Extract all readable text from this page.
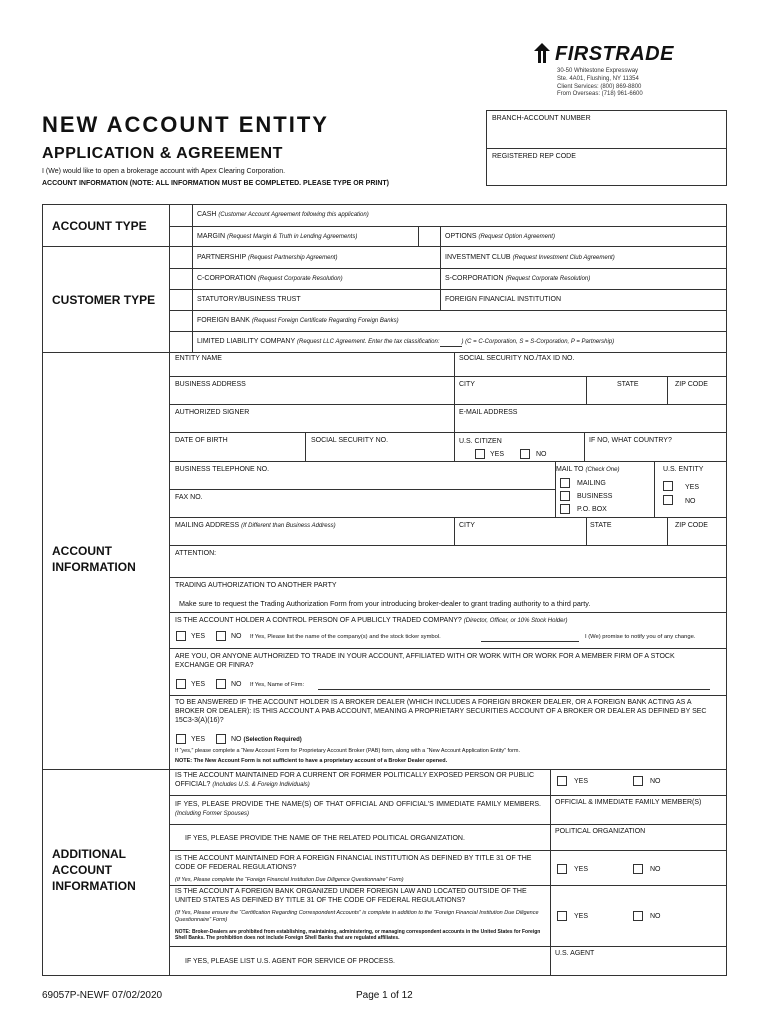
FIRSTRADE
30-50 Whitestone Expressway
Ste. 4A01, Flushing, NY 11354
Client Services: (800) 869-8800
From Overseas: (718) 961-6600
NEW ACCOUNT ENTITY
APPLICATION & AGREEMENT
I (We) would like to open a brokerage account with Apex Clearing Corporation.
ACCOUNT INFORMATION (NOTE: ALL INFORMATION MUST BE COMPLETED. PLEASE TYPE OR PRINT)
BRANCH-ACCOUNT NUMBER
REGISTERED REP CODE
ACCOUNT TYPE
CASH (Customer Account Agreement following this application)
MARGIN (Request Margin & Truth in Lending Agreements)	OPTIONS (Request Option Agreement)
CUSTOMER TYPE
PARTNERSHIP (Request Partnership Agreement)	INVESTMENT CLUB (Request Investment Club Agreement)
C-CORPORATION (Request Corporate Resolution)	S-CORPORATION (Request Corporate Resolution)
STATUTORY/BUSINESS TRUST	FOREIGN FINANCIAL INSTITUTION
FOREIGN BANK (Request Foreign Certificate Regarding Foreign Banks)
LIMITED LIABILITY COMPANY (Request LLC Agreement. Enter the tax classification:	) (C = C-Corporation, S = S-Corporation, P = Partnership)
ACCOUNT INFORMATION
ENTITY NAME	SOCIAL SECURITY NO./TAX ID NO.
BUSINESS ADDRESS	CITY	STATE	ZIP CODE
AUTHORIZED SIGNER	E-MAIL ADDRESS
DATE OF BIRTH	SOCIAL SECURITY NO.	U.S. CITIZEN
YES	NO
IF NO, WHAT COUNTRY?
BUSINESS TELEPHONE NO.
FAX NO.
MAIL TO (Check One)
MAILING
BUSINESS
P.O. BOX
U.S. ENTITY
YES
NO
MAILING ADDRESS (If Different than Business Address)	CITY	STATE	ZIP CODE
ATTENTION:
TRADING AUTHORIZATION TO ANOTHER PARTY
Make sure to request the Trading Authorization Form from your introducing broker-dealer to grant trading authority to a third party.
IS THE ACCOUNT HOLDER A CONTROL PERSON OF A PUBLICLY TRADED COMPANY? (Director, Officer, or 10% Stock Holder)
YES	NO If Yes, Please list the name of the company(s) and the stock ticker symbol.	I (We) promise to notify you of any change.
ARE YOU, OR ANYONE AUTHORIZED TO TRADE IN YOUR ACCOUNT, AFFILIATED WITH OR WORK WITH OR WORK FOR A MEMBER FIRM OF A STOCK EXCHANGE OR FINRA?
YES	NO If Yes, Name of Firm:
TO BE ANSWERED IF THE ACCOUNT HOLDER IS A BROKER DEALER (WHICH INCLUDES A FOREIGN BROKER DEALER, OR A FOREIGN BANK ACTING AS A BROKER OR DEALER): IS THIS ACCOUNT A PAB ACCOUNT, MEANING A PROPRIETARY SECURITIES ACCOUNT OF A BROKER OR DEALER AS DEFINED BY SEC 15C3-3(A)(16)?
YES	NO (Selection Required)
If “yes,” please complete a “New Account Form for Proprietary Account Broker (PAB) form, along with a “New Account Application Entity” form.
NOTE: The New Account Form is not sufficient to have a proprietary account of a Broker Dealer opened.
ADDITIONAL ACCOUNT INFORMATION
IS THE ACCOUNT MAINTAINED FOR A CURRENT OR FORMER POLITICALLY EXPOSED PERSON OR PUBLIC OFFICIAL? (Includes U.S. & Foreign Individuals)	YES	NO
IF YES, PLEASE PROVIDE THE NAME(S) OF THAT OFFICIAL AND OFFICIAL'S IMMEDIATE FAMILY MEMBERS. (Including Former Spouses)
OFFICIAL & IMMEDIATE FAMILY MEMBER(S)
IF YES, PLEASE PROVIDE THE NAME OF THE RELATED POLITICAL ORGANIZATION.
POLITICAL ORGANIZATION
IS THE ACCOUNT MAINTAINED FOR A FOREIGN FINANCIAL INSTITUTION AS DEFINED BY TITLE 31 OF THE CODE OF FEDERAL REGULATIONS?
(If Yes, Please complete the “Foreign Financial Institution Due Diligence Questionnaire” Form)
YES	NO
IS THE ACCOUNT A FOREIGN BANK ORGANIZED UNDER FOREIGN LAW AND LOCATED OUTSIDE OF THE UNITED STATES AS DEFINED BY TITLE 31 OF THE CODE OF FEDERAL REGULATIONS?
(If Yes, Please ensure the “Certification Regarding Correspondent Accounts” is complete in addition to the “Foreign Financial Institution Due Diligence Questionnaire” Form)
NOTE: Broker-Dealers are prohibited from establishing, maintaining, administering, or managing correspondent accounts in the United States for Foreign Shell Banks. The prohibition does not include Foreign Shell Banks that are regulated affiliates.
YES	NO
IF YES, PLEASE LIST U.S. AGENT FOR SERVICE OF PROCESS.
U.S. AGENT
69057P-NEWF 07/02/2020	Page 1 of 12
